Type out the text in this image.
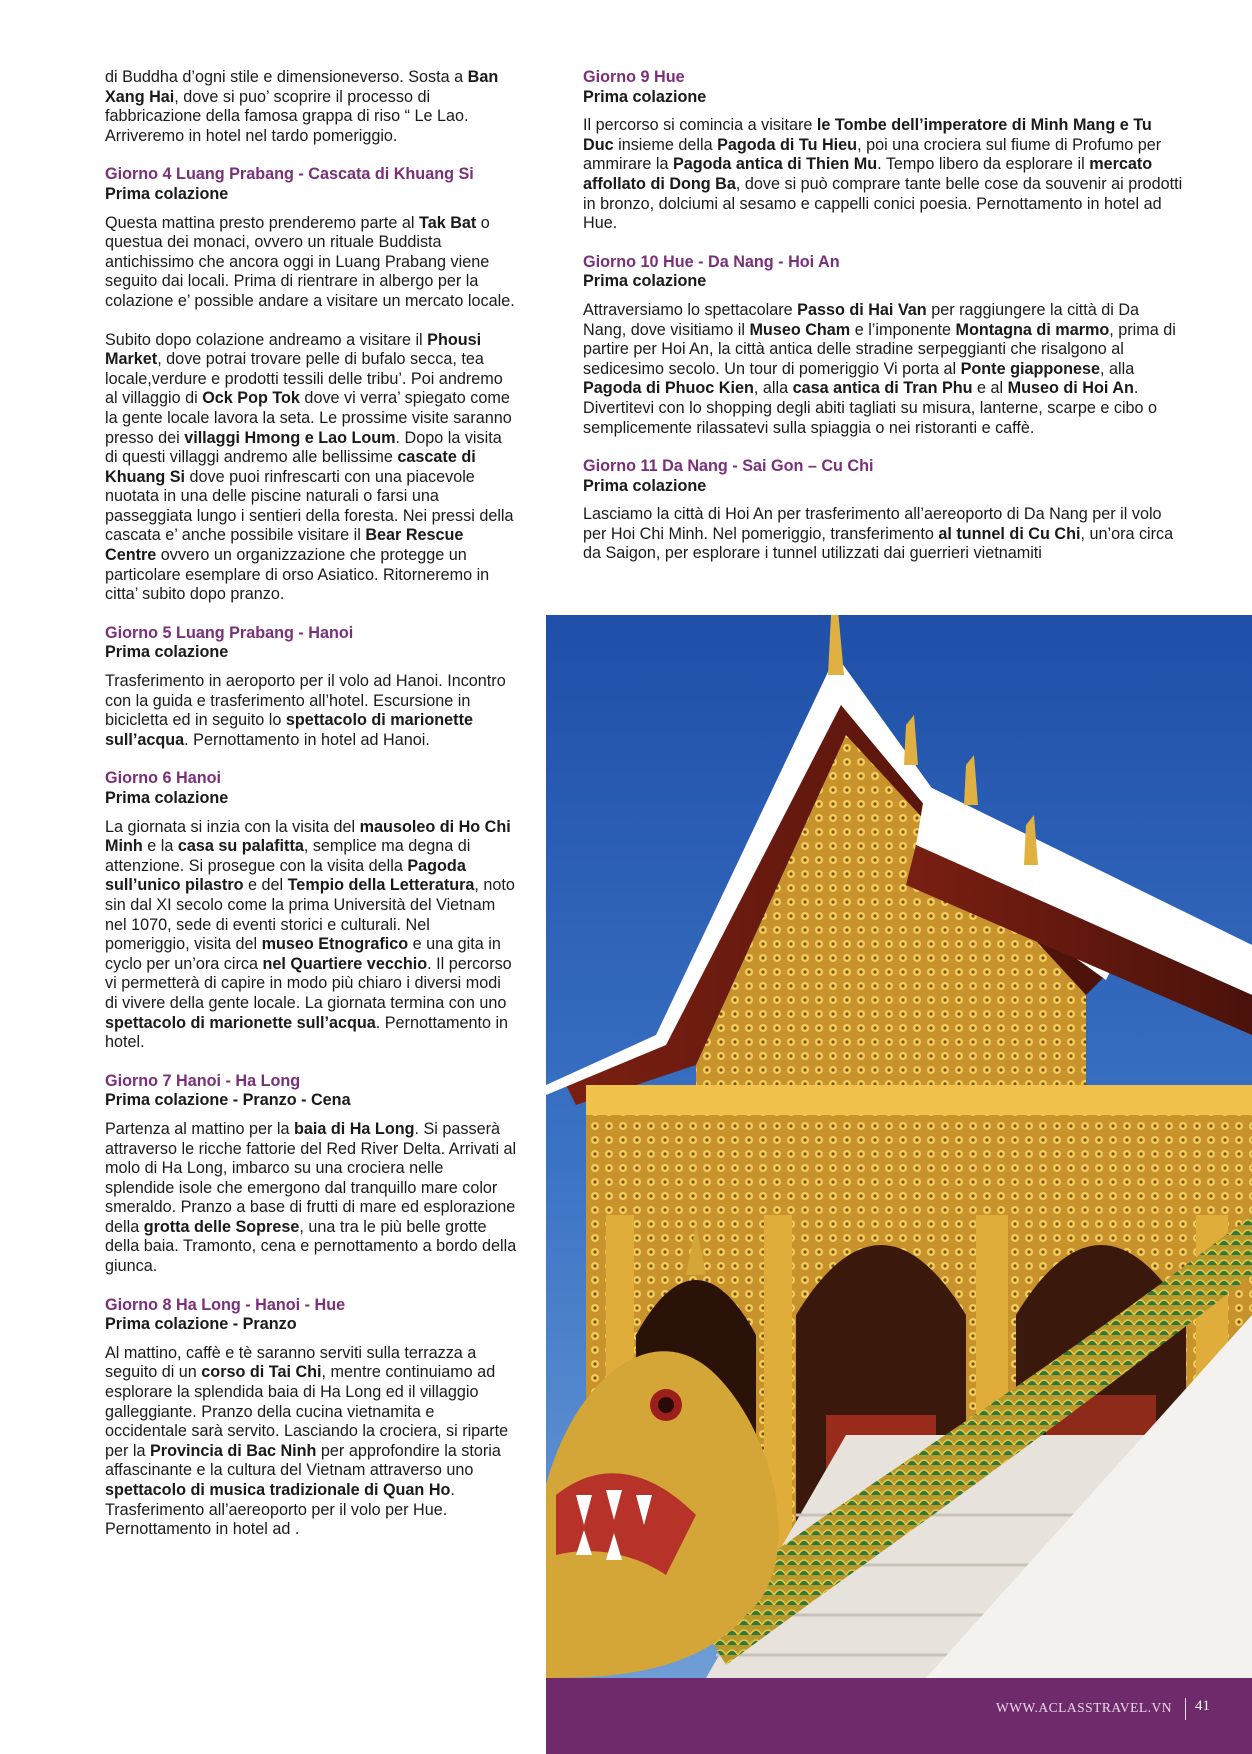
di Buddha d’ogni stile e dimensioneverso. Sosta a Ban Xang Hai, dove si puo’ scoprire il processo di fabbricazione della famosa grappa di riso “ Le Lao. Arriveremo in hotel nel tardo pomeriggio.

Giorno 4 Luang Prabang - Cascata di Khuang Si

Prima colazione

Questa mattina presto prenderemo parte al Tak Bat o questua dei monaci, ovvero un rituale Buddista antichissimo che ancora oggi in Luang Prabang viene seguito dai locali. Prima di rientrare in albergo per la colazione e’ possible andare a visitare un mercato locale.

Subito dopo colazione andreamo a visitare il Phousi Market, dove potrai trovare pelle di bufalo secca, tea locale,verdure e prodotti tessili delle tribu’. Poi andremo al villaggio di Ock Pop Tok dove vi verra’ spiegato come la gente locale lavora la seta. Le prossime visite saranno presso dei villaggi Hmong e Lao Loum. Dopo la visita di questi villaggi andremo alle bellissime cascate di Khuang Si dove puoi rinfrescarti con una piacevole nuotata in una delle piscine naturali o farsi una passeggiata lungo i sentieri della foresta. Nei pressi della cascata e’ anche possibile visitare il Bear Rescue Centre ovvero un organizzazione che protegge un particolare esemplare di orso Asiatico. Ritorneremo in citta’ subito dopo pranzo.

Giorno 5 Luang Prabang - Hanoi

Prima colazione

Trasferimento in aeroporto per il volo ad Hanoi. Incontro con la guida e trasferimento all’hotel. Escursione in bicicletta ed in seguito lo spettacolo di marionette sull’acqua. Pernottamento in hotel ad Hanoi.

Giorno 6 Hanoi

Prima colazione

La giornata si inzia con la visita del mausoleo di Ho Chi Minh e la casa su palafitta, semplice ma degna di attenzione. Si prosegue con la visita della Pagoda sull’unico pilastro e del Tempio della Letteratura, noto sin dal XI secolo come la prima Università del Vietnam nel 1070, sede di eventi storici e culturali. Nel pomeriggio, visita del museo Etnografico e una gita in cyclo per un’ora circa nel Quartiere vecchio. Il percorso vi permetterà di capire in modo più chiaro i diversi modi di vivere della gente locale. La giornata termina con uno spettacolo di marionette sull’acqua. Pernottamento in hotel.

Giorno 7 Hanoi - Ha Long

Prima colazione - Pranzo - Cena

Partenza al mattino per la baia di Ha Long. Si passerà attraverso le ricche fattorie del Red River Delta. Arrivati al molo di Ha Long, imbarco su una crociera nelle splendide isole che emergono dal tranquillo mare color smeraldo. Pranzo a base di frutti di mare ed esplorazione della grotta delle Soprese, una tra le più belle grotte della baia. Tramonto, cena e pernottamento a bordo della giunca.

Giorno 8 Ha Long - Hanoi - Hue

Prima colazione - Pranzo

Al mattino, caffè e tè saranno serviti sulla terrazza a seguito di un corso di Tai Chi, mentre continuiamo ad esplorare la splendida baia di Ha Long ed il villaggio galleggiante. Pranzo della cucina vietnamita e occidentale sarà servito. Lasciando la crociera, si riparte per la Provincia di Bac Ninh per approfondire la storia affascinante e la cultura del Vietnam attraverso uno spettacolo di musica tradizionale di Quan Ho. Trasferimento all’aereoporto per il volo per Hue. Pernottamento in hotel ad .

Giorno 9 Hue

Prima colazione

Il percorso si comincia a visitare le Tombe dell’imperatore di Minh Mang e Tu Duc insieme della Pagoda di Tu Hieu, poi una crociera sul fiume di Profumo per ammirare la Pagoda antica di Thien Mu. Tempo libero da esplorare il mercato affollato di Dong Ba, dove si può comprare tante belle cose da souvenir ai prodotti in bronzo, dolciumi al sesamo e cappelli conici poesia. Pernottamento in hotel ad Hue.

Giorno 10 Hue - Da Nang - Hoi An

Prima colazione

Attraversiamo lo spettacolare Passo di Hai Van per raggiungere la città di Da Nang, dove visitiamo il Museo Cham e l’imponente Montagna di marmo, prima di partire per Hoi An, la città antica delle stradine serpeggianti che risalgono al sedicesimo secolo. Un tour di pomeriggio Vi porta al Ponte giapponese, alla Pagoda di Phuoc Kien, alla casa antica di Tran Phu e al Museo di Hoi An. Divertitevi con lo shopping degli abiti tagliati su misura, lanterne, scarpe e cibo o semplicemente rilassatevi sulla spiaggia o nei ristoranti e caffè.

Giorno 11 Da Nang - Sai Gon – Cu Chi

Prima colazione

Lasciamo la città di Hoi An per trasferimento all’aereoporto di Da Nang per il volo per Hoi Chi Minh. Nel pomeriggio, transferimento al tunnel di Cu Chi, un’ora circa da Saigon, per esplorare i tunnel utilizzati dai guerrieri vietnamiti

WWW.ACLASSTRAVEL.VN 41
